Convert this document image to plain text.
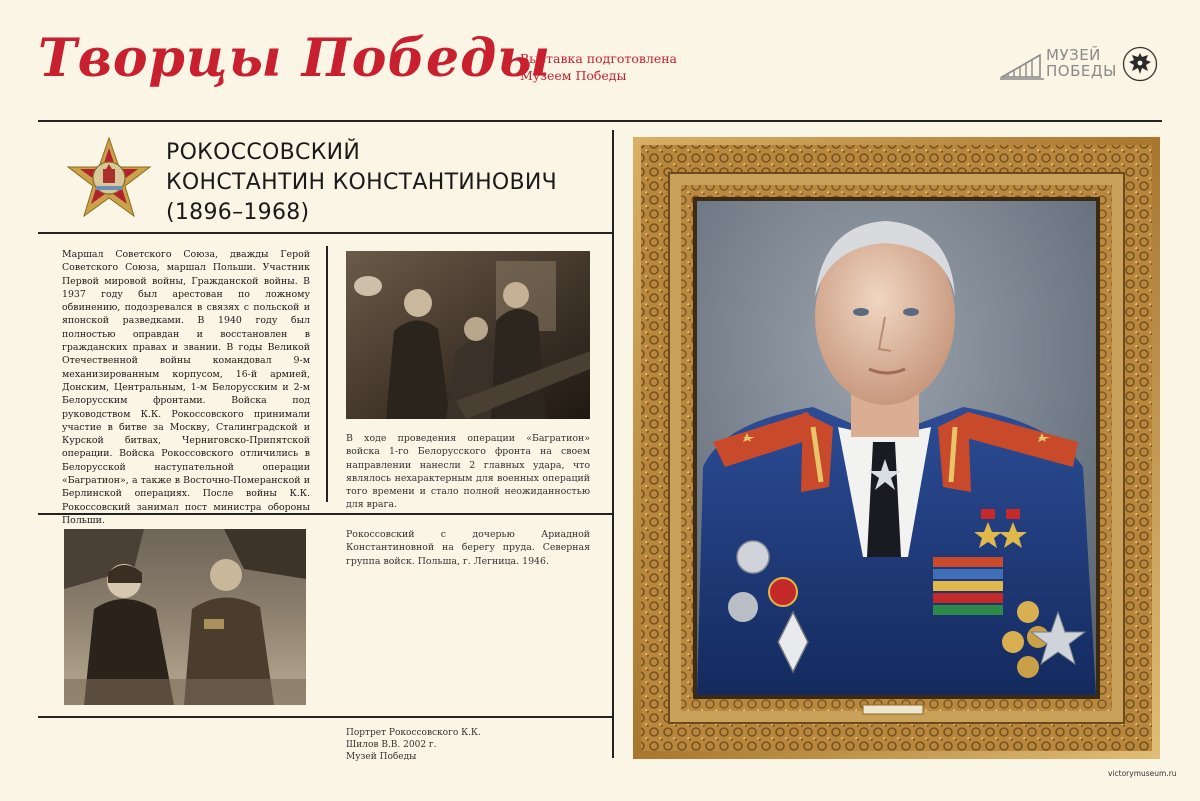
Творцы Победы
Выставка подготовлена
Музеем Победы
МУЗЕЙ
ПОБЕДЫ
РОКОССОВСКИЙ
КОНСТАНТИН КОНСТАНТИНОВИЧ
(1896–1968)
Маршал Советского Союза, дважды Герой Советского Союза, маршал Польши. Участник Первой мировой войны, Гражданской войны. В 1937 году был арестован по ложному обвинению, подозревался в связях с польской и японской разведками. В 1940 году был полностью оправдан и восстановлен в гражданских правах и звании. В годы Великой Отечественной войны командовал 9-м механизированным корпусом, 16-й армией, Донским, Центральным, 1-м Белорусским и 2-м Белорусским фронтами. Войска под руководством К.К. Рокоссовского принимали участие в битве за Москву, Сталинградской и Курской битвах, Черниговско-Припятской операции. Войска Рокоссовского отличились в Белорусской наступательной операции «Багратион», а также в Восточно-Померанской и Берлинской операциях. После войны К.К. Рокоссовский занимал пост министра обороны Польши.
В ходе проведения операции «Багратион» войска 1-го Белорусского фронта на своем направлении нанесли 2 главных удара, что являлось нехарактерным для военных операций того времени и стало полной неожиданностью для врага.
Рокоссовский с дочерью Ариадной Константиновной на берегу пруда. Северная группа войск. Польша, г. Легница. 1946.
Портрет Рокоссовского К.К.
Шилов В.В. 2002 г.
Музей Победы
victorymuseum.ru
